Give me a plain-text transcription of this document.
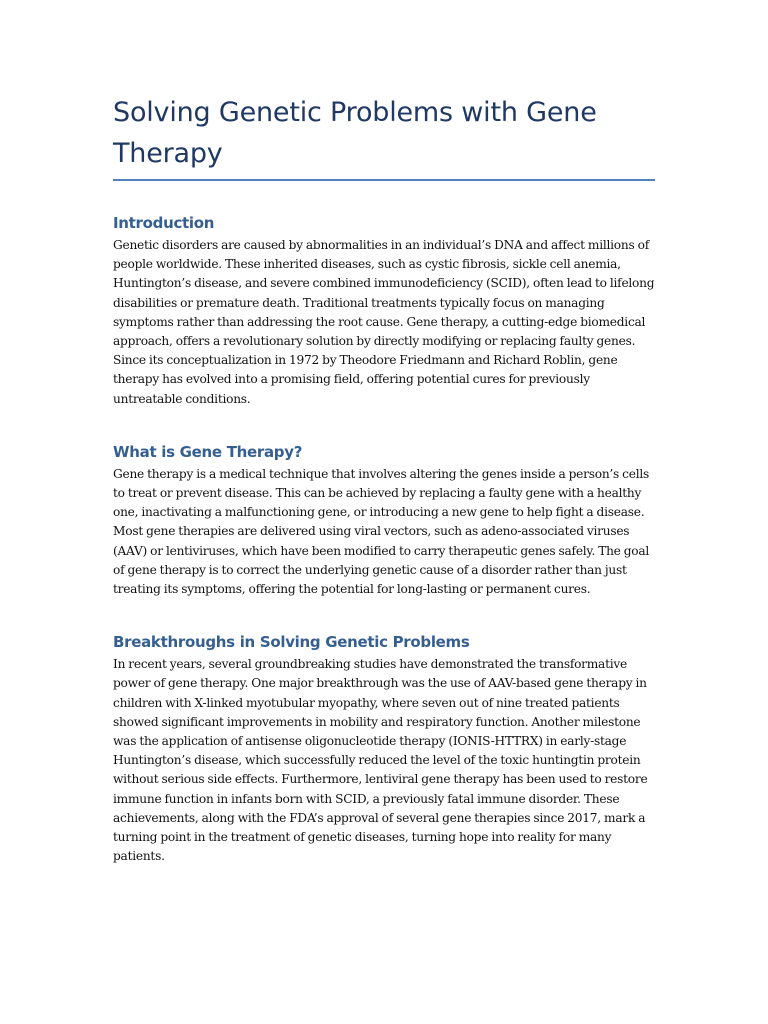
Solving Genetic Problems with Gene Therapy
Introduction

Genetic disorders are caused by abnormalities in an individual’s DNA and affect millions of people worldwide. These inherited diseases, such as cystic fibrosis, sickle cell anemia, Huntington’s disease, and severe combined immunodeficiency (SCID), often lead to lifelong disabilities or premature death. Traditional treatments typically focus on managing symptoms rather than addressing the root cause. Gene therapy, a cutting-edge biomedical approach, offers a revolutionary solution by directly modifying or replacing faulty genes. Since its conceptualization in 1972 by Theodore Friedmann and Richard Roblin, gene therapy has evolved into a promising field, offering potential cures for previously untreatable conditions.

What is Gene Therapy?

Gene therapy is a medical technique that involves altering the genes inside a person’s cells to treat or prevent disease. This can be achieved by replacing a faulty gene with a healthy one, inactivating a malfunctioning gene, or introducing a new gene to help fight a disease. Most gene therapies are delivered using viral vectors, such as adeno-associated viruses (AAV) or lentiviruses, which have been modified to carry therapeutic genes safely. The goal of gene therapy is to correct the underlying genetic cause of a disorder rather than just treating its symptoms, offering the potential for long-lasting or permanent cures.

Breakthroughs in Solving Genetic Problems

In recent years, several groundbreaking studies have demonstrated the transformative power of gene therapy. One major breakthrough was the use of AAV-based gene therapy in children with X-linked myotubular myopathy, where seven out of nine treated patients showed significant improvements in mobility and respiratory function. Another milestone was the application of antisense oligonucleotide therapy (IONIS-HTTRX) in early-stage Huntington’s disease, which successfully reduced the level of the toxic huntingtin protein without serious side effects. Furthermore, lentiviral gene therapy has been used to restore immune function in infants born with SCID, a previously fatal immune disorder. These achievements, along with the FDA’s approval of several gene therapies since 2017, mark a turning point in the treatment of genetic diseases, turning hope into reality for many patients.
